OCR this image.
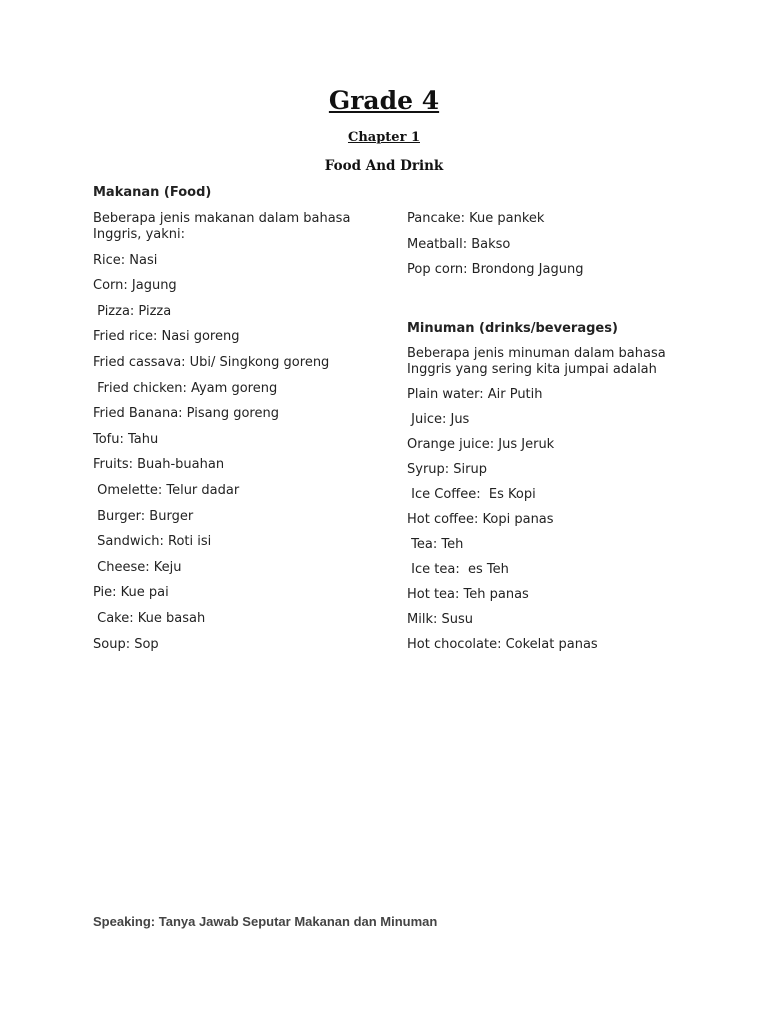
Grade 4
Chapter 1
Food And Drink
Makanan (Food)

Beberapa jenis makanan dalam bahasa Inggris, yakni:

Rice: Nasi

Corn: Jagung

Pizza: Pizza

Fried rice: Nasi goreng

Fried cassava: Ubi/ Singkong goreng

Fried chicken: Ayam goreng

Fried Banana: Pisang goreng

Tofu: Tahu

Fruits: Buah-buahan

Omelette: Telur dadar

Burger: Burger

Sandwich: Roti isi

Cheese: Keju

Pie: Kue pai

Cake: Kue basah

Soup: Sop

Pancake: Kue pankek

Meatball: Bakso

Pop corn: Brondong Jagung

Minuman (drinks/beverages)

Beberapa jenis minuman dalam bahasa Inggris yang sering kita jumpai adalah

Plain water: Air Putih

Juice: Jus

Orange juice: Jus Jeruk

Syrup: Sirup

Ice Coffee:  Es Kopi

Hot coffee: Kopi panas

Tea: Teh

Ice tea:  es Teh

Hot tea: Teh panas

Milk: Susu

Hot chocolate: Cokelat panas

Speaking: Tanya Jawab Seputar Makanan dan Minuman
